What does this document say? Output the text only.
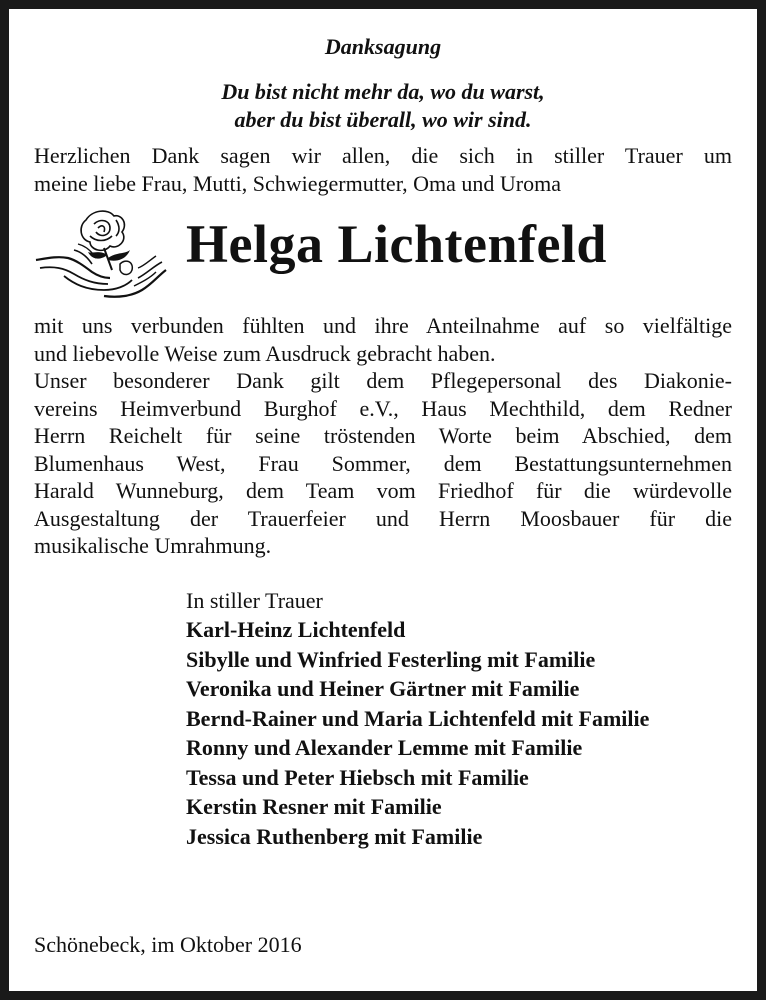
Danksagung

Du bist nicht mehr da, wo du warst,
aber du bist überall, wo wir sind.
Herzlichen Dank sagen wir allen, die sich in stiller Trauer um
meine liebe Frau, Mutti, Schwiegermutter, Oma und Uroma
Helga Lichtenfeld
mit uns verbunden fühlten und ihre Anteilnahme auf so vielfältige
und liebevolle Weise zum Ausdruck gebracht haben.
Unser besonderer Dank gilt dem Pflegepersonal des Diakonie-
vereins Heimverbund Burghof e.V., Haus Mechthild, dem Redner
Herrn Reichelt für seine tröstenden Worte beim Abschied, dem
Blumenhaus West, Frau Sommer, dem Bestattungsunternehmen
Harald Wunneburg, dem Team vom Friedhof für die würdevolle
Ausgestaltung der Trauerfeier und Herrn Moosbauer für die
musikalische Umrahmung.
In stiller Trauer
Karl-Heinz Lichtenfeld
Sibylle und Winfried Festerling mit Familie
Veronika und Heiner Gärtner mit Familie
Bernd-Rainer und Maria Lichtenfeld mit Familie
Ronny und Alexander Lemme mit Familie
Tessa und Peter Hiebsch mit Familie
Kerstin Resner mit Familie
Jessica Ruthenberg mit Familie
Schönebeck, im Oktober 2016
